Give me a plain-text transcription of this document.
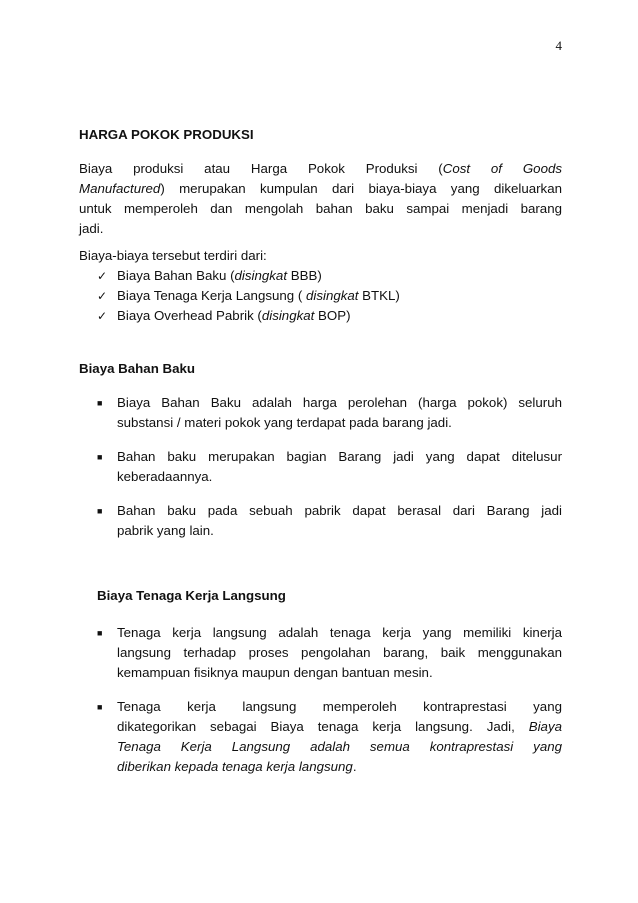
4
HARGA POKOK PRODUKSI
Biaya produksi atau Harga Pokok Produksi (Cost of Goods
Manufactured) merupakan kumpulan dari biaya-biaya yang dikeluarkan
untuk memperoleh dan mengolah bahan baku sampai menjadi barang
jadi.
Biaya-biaya tersebut terdiri dari:
✓ Biaya Bahan Baku (disingkat BBB)
✓ Biaya Tenaga Kerja Langsung ( disingkat BTKL)
✓ Biaya Overhead Pabrik (disingkat BOP)
Biaya Bahan Baku
■	Biaya Bahan Baku adalah harga perolehan (harga pokok) seluruh
substansi / materi pokok yang terdapat pada barang jadi.
■	Bahan baku merupakan bagian Barang jadi yang dapat ditelusur
keberadaannya.
■	Bahan baku pada sebuah pabrik dapat berasal dari Barang jadi
pabrik yang lain.
Biaya Tenaga Kerja Langsung
■	Tenaga kerja langsung adalah tenaga kerja yang memiliki kinerja
langsung terhadap proses pengolahan barang, baik menggunakan
kemampuan fisiknya maupun dengan bantuan mesin.
■	Tenaga kerja langsung memperoleh kontraprestasi yang
dikategorikan sebagai Biaya tenaga kerja langsung. Jadi, Biaya
Tenaga Kerja Langsung adalah semua kontraprestasi yang
diberikan kepada tenaga kerja langsung.
